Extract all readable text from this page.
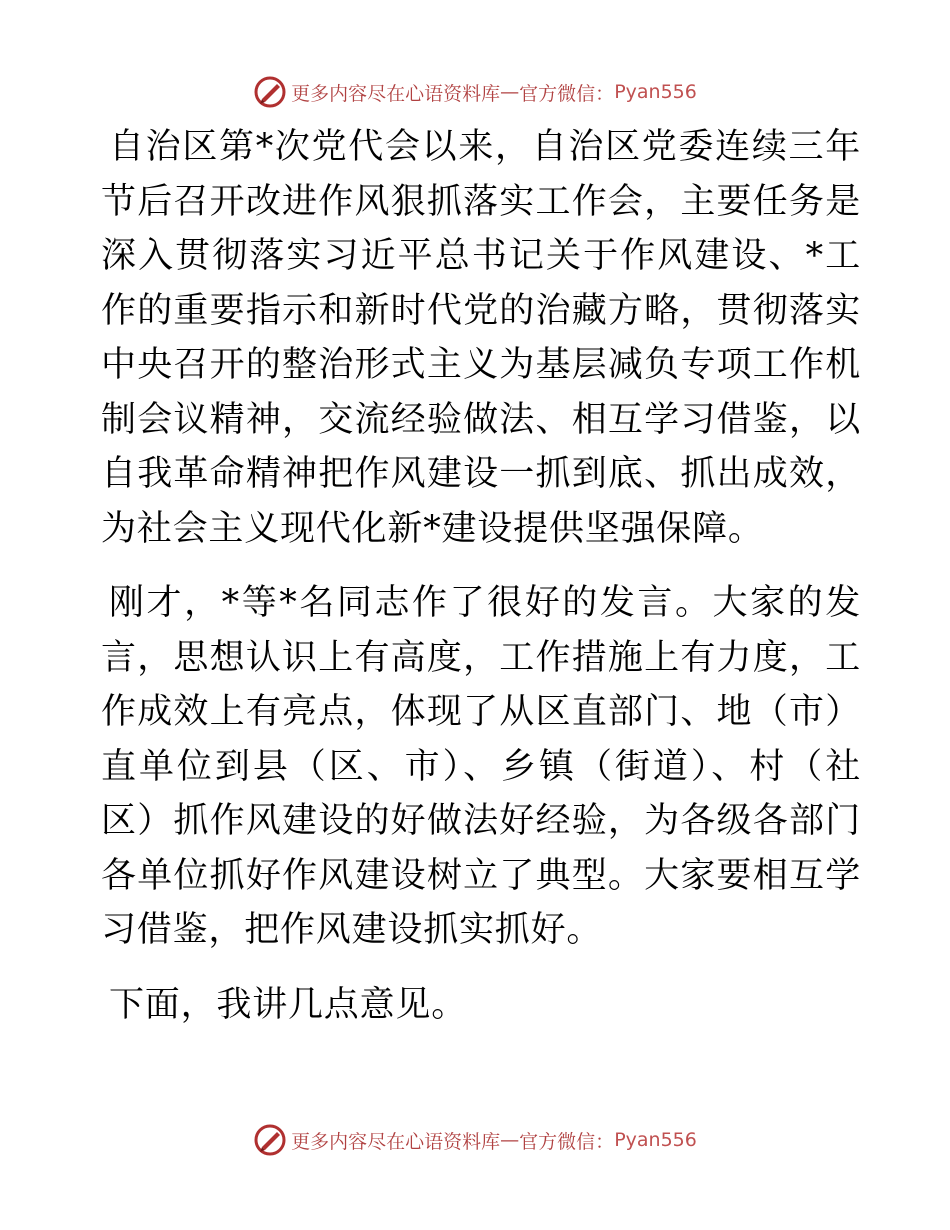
更多内容尽在心语资料库 — 官方微信： Pyan556

自治区第*次党代会以来，自治区党委连续三年节后召开改进作风狠抓落实工作会，主要任务是深入贯彻落实习近平总书记关于作风建设、*工作的重要指示和新时代党的治藏方略，贯彻落实中央召开的整治形式主义为基层减负专项工作机制会议精神，交流经验做法、相互学习借鉴，以自我革命精神把作风建设一抓到底、抓出成效，为社会主义现代化新*建设提供坚强保障。

刚才，*等*名同志作了很好的发言。大家的发言，思想认识上有高度，工作措施上有力度，工作成效上有亮点，体现了从区直部门、地（市）直单位到县（区、市）、乡镇（街道）、村（社区）抓作风建设的好做法好经验，为各级各部门各单位抓好作风建设树立了典型。大家要相互学习借鉴，把作风建设抓实抓好。

下面，我讲几点意见。

更多内容尽在心语资料库 — 官方微信： Pyan556
